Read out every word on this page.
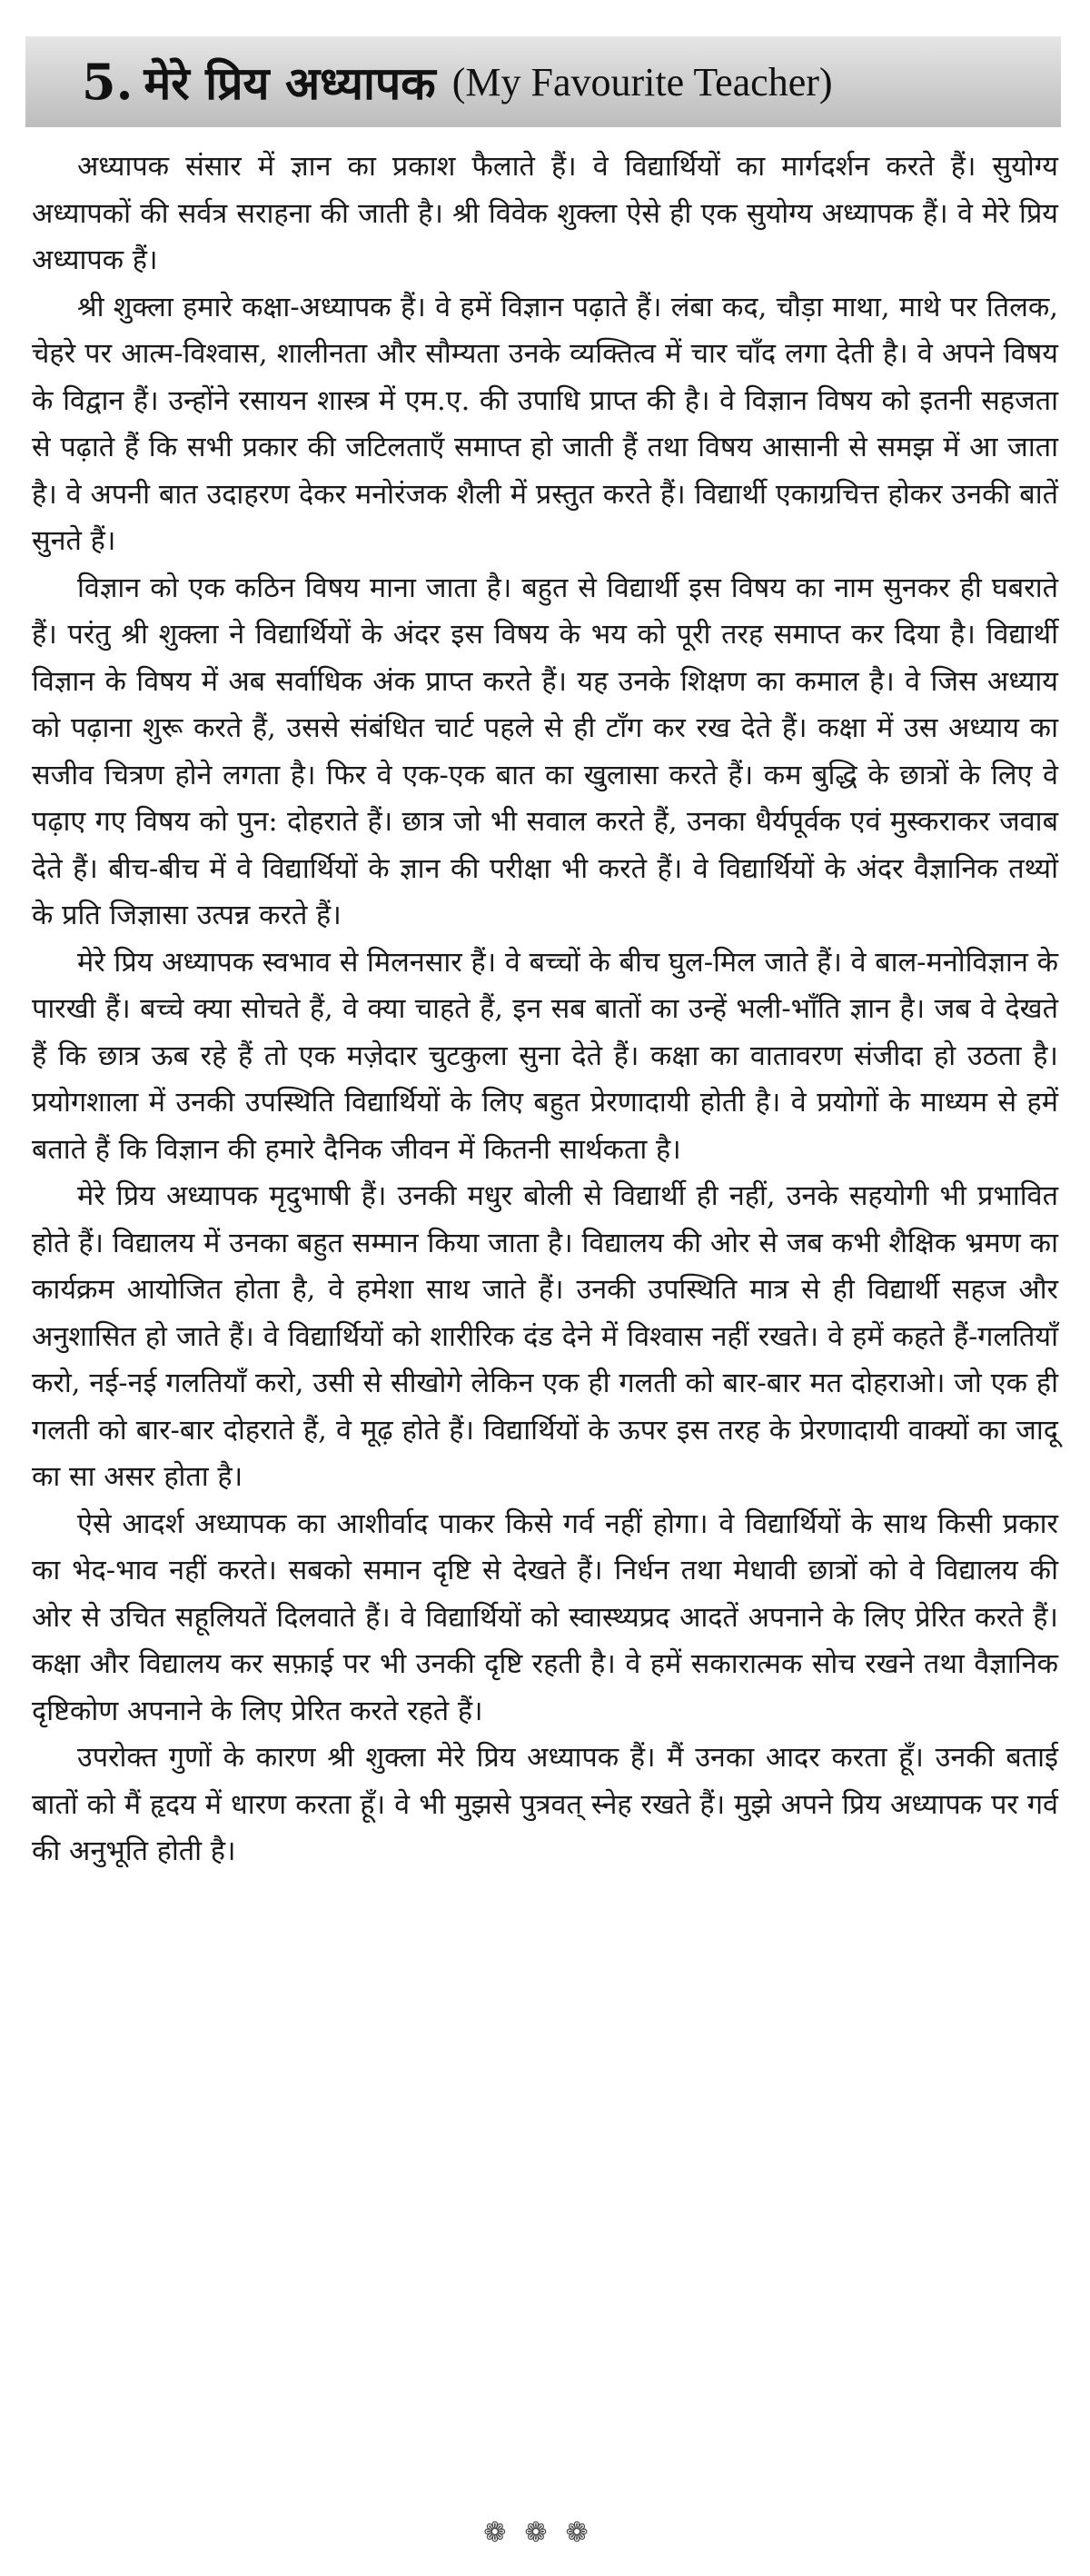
5. मेरे प्रिय अध्यापक (My Favourite Teacher)

अध्यापक संसार में ज्ञान का प्रकाश फैलाते हैं। वे विद्यार्थियों का मार्गदर्शन करते हैं। सुयोग्य अध्यापकों की सर्वत्र सराहना की जाती है। श्री विवेक शुक्ला ऐसे ही एक सुयोग्य अध्यापक हैं। वे मेरे प्रिय अध्यापक हैं।

श्री शुक्ला हमारे कक्षा-अध्यापक हैं। वे हमें विज्ञान पढ़ाते हैं। लंबा कद, चौड़ा माथा, माथे पर तिलक, चेहरे पर आत्म-विश्वास, शालीनता और सौम्यता उनके व्यक्तित्व में चार चाँद लगा देती है। वे अपने विषय के विद्वान हैं। उन्होंने रसायन शास्त्र में एम.ए. की उपाधि प्राप्त की है। वे विज्ञान विषय को इतनी सहजता से पढ़ाते हैं कि सभी प्रकार की जटिलताएँ समाप्त हो जाती हैं तथा विषय आसानी से समझ में आ जाता है। वे अपनी बात उदाहरण देकर मनोरंजक शैली में प्रस्तुत करते हैं। विद्यार्थी एकाग्रचित्त होकर उनकी बातें सुनते हैं।

विज्ञान को एक कठिन विषय माना जाता है। बहुत से विद्यार्थी इस विषय का नाम सुनकर ही घबराते हैं। परंतु श्री शुक्ला ने विद्यार्थियों के अंदर इस विषय के भय को पूरी तरह समाप्त कर दिया है। विद्यार्थी विज्ञान के विषय में अब सर्वाधिक अंक प्राप्त करते हैं। यह उनके शिक्षण का कमाल है। वे जिस अध्याय को पढ़ाना शुरू करते हैं, उससे संबंधित चार्ट पहले से ही टाँग कर रख देते हैं। कक्षा में उस अध्याय का सजीव चित्रण होने लगता है। फिर वे एक-एक बात का खुलासा करते हैं। कम बुद्धि के छात्रों के लिए वे पढ़ाए गए विषय को पुन: दोहराते हैं। छात्र जो भी सवाल करते हैं, उनका धैर्यपूर्वक एवं मुस्कराकर जवाब देते हैं। बीच-बीच में वे विद्यार्थियों के ज्ञान की परीक्षा भी करते हैं। वे विद्यार्थियों के अंदर वैज्ञानिक तथ्यों के प्रति जिज्ञासा उत्पन्न करते हैं।

मेरे प्रिय अध्यापक स्वभाव से मिलनसार हैं। वे बच्चों के बीच घुल-मिल जाते हैं। वे बाल-मनोविज्ञान के पारखी हैं। बच्चे क्या सोचते हैं, वे क्या चाहते हैं, इन सब बातों का उन्हें भली-भाँति ज्ञान है। जब वे देखते हैं कि छात्र ऊब रहे हैं तो एक मज़ेदार चुटकुला सुना देते हैं। कक्षा का वातावरण संजीदा हो उठता है। प्रयोगशाला में उनकी उपस्थिति विद्यार्थियों के लिए बहुत प्रेरणादायी होती है। वे प्रयोगों के माध्यम से हमें बताते हैं कि विज्ञान की हमारे दैनिक जीवन में कितनी सार्थकता है।

मेरे प्रिय अध्यापक मृदुभाषी हैं। उनकी मधुर बोली से विद्यार्थी ही नहीं, उनके सहयोगी भी प्रभावित होते हैं। विद्यालय में उनका बहुत सम्मान किया जाता है। विद्यालय की ओर से जब कभी शैक्षिक भ्रमण का कार्यक्रम आयोजित होता है, वे हमेशा साथ जाते हैं। उनकी उपस्थिति मात्र से ही विद्यार्थी सहज और अनुशासित हो जाते हैं। वे विद्यार्थियों को शारीरिक दंड देने में विश्वास नहीं रखते। वे हमें कहते हैं-गलतियाँ करो, नई-नई गलतियाँ करो, उसी से सीखोगे लेकिन एक ही गलती को बार-बार मत दोहराओ। जो एक ही गलती को बार-बार दोहराते हैं, वे मूढ़ होते हैं। विद्यार्थियों के ऊपर इस तरह के प्रेरणादायी वाक्यों का जादू का सा असर होता है।

ऐसे आदर्श अध्यापक का आशीर्वाद पाकर किसे गर्व नहीं होगा। वे विद्यार्थियों के साथ किसी प्रकार का भेद-भाव नहीं करते। सबको समान दृष्टि से देखते हैं। निर्धन तथा मेधावी छात्रों को वे विद्यालय की ओर से उचित सहूलियतें दिलवाते हैं। वे विद्यार्थियों को स्वास्थ्यप्रद आदतें अपनाने के लिए प्रेरित करते हैं। कक्षा और विद्यालय कर सफ़ाई पर भी उनकी दृष्टि रहती है। वे हमें सकारात्मक सोच रखने तथा वैज्ञानिक दृष्टिकोण अपनाने के लिए प्रेरित करते रहते हैं।

उपरोक्त गुणों के कारण श्री शुक्ला मेरे प्रिय अध्यापक हैं। मैं उनका आदर करता हूँ। उनकी बताई बातों को मैं हृदय में धारण करता हूँ। वे भी मुझसे पुत्रवत् स्नेह रखते हैं। मुझे अपने प्रिय अध्यापक पर गर्व की अनुभूति होती है।

❁❁❁
